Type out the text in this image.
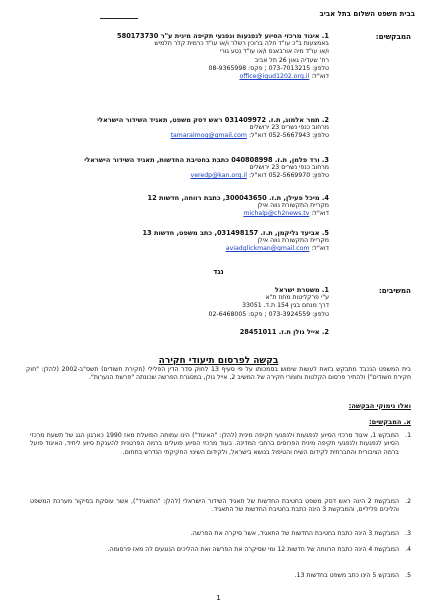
בבית משפט השלום בתל אביב
המבקשים:
1. איגוד מרכזי הסיוע לנפגעות ונפגעי תקיפה מינית ע"ר 580173730
באמצעות ב"כ עו"ד חלה ברוכין רשלר ו/או עו"ד כרמית קלר חלמיש
ו/או עו"ד מיה אורבאנס ו/או עו"ד נטע גורי
רח' שעדיה גאון 26 תל אביב
טלפון: 073-7013215 ; פקס: 08-9365998
דוא"ל: office@igud1202.org.il
2. תמר אלמוג, ת.ז. 031409972 ראש דסק משפט, תאגיד השידור הישראלי
מרחוב כנפי נשרים 23 ירושלים
טלפון: 052-5667943 דוא"ל: tamaralmog@gmail.com
3. ורד פלמן, ת.ז. 040808998 כתבת בחטיבת החדשות, תאגיד השידור הישראלי
מרחוב כנפי נשרים 23 ירושלים
טלפון: 052-5669970 דוא"ל: veredp@kan.org.il
4. מיכל פעילן, ת.ז. 300043650, כתבת רווחה, חדשות 12
מקריית התקשורת נווה אילן
דוא"ל: michalp@ch2news.tv
5. אביעד גליקמן, ת.ז. 031498157, כתב משפט, חדשות 13
מקריית התקשורת נווה אילן
דוא"ל: aviadglickman@gmail.com
נגד
המשיבים:
1. משטרת ישראל
ע"י פרקליטות מחוז ת"א
דרך מנחם בגין 154 ת.ד. 33051
טלפון: 073-3924559 ; פקס: 02-6468005
2. אייל גולן ת.ז. 28451011
בקשה לפרסום תיעודי חקירה
בית המשפט הנכבד מתבקש בזאת לעשות שימוש בסמכותו על פי סעיף 13 לחוק סדר הדין הפלילי (חקירת חשודים) תשס"ב-2002 (להלן: "חוק חקירת חשודים") ולהתיר פרסום הקלטות וחומרי חקירה של המשיב 2, אייל גולן, במסגרת הפרשה שכונתה "פרשת הנערות".
ואלו נימוקי הבקשה:
א. המבקשים:
1.
המבקש 1, איגוד מרכזי הסיוע לנפגעות ולנפגעי תקיפה מינית (להלן: "האיגוד") הינו עמותה הפועלת מאז 1990 כארגון הגג של תשעת מרכזי הסיוע לנפגעות ולנפגעי תקיפה מינית הפרוסים ברחבי המדינה. בעוד מרכזי הסיוע פועלים ברמה הפרטנית להענקת סיוע ליחיד, האיגוד פועל ברמה הציבורית והחברתית לקידום השיח והטיפול בנושא בישראל, ולקידום השינוי החקיקתי הנדרש בתחום.
2.
המבקשת 2 הינה ראש דסק משפט בחטיבת החדשות של תאגיד השידור הישראלי (להלן: "התאגיד"), אשר עוסקת בסיקור מערכת המשפט והליכים פליליים, והמבקשת 3 הינה כתבת בחטיבת החדשות של התאגיד.
3.
המבקשת 3 הינה כתבת בחטיבת החדשות של התאגיד, אשר סיקרה את הפרשה.
4.
המבקשת 4 הינה כתבת הרווחה של חדשות 12 ומי שסיקרה את הפרשה ואת ההליכים הנוגעים לה מאז פרסומה.
5.
המבקש 5 הינו כתב משפט בחדשות 13.
1
